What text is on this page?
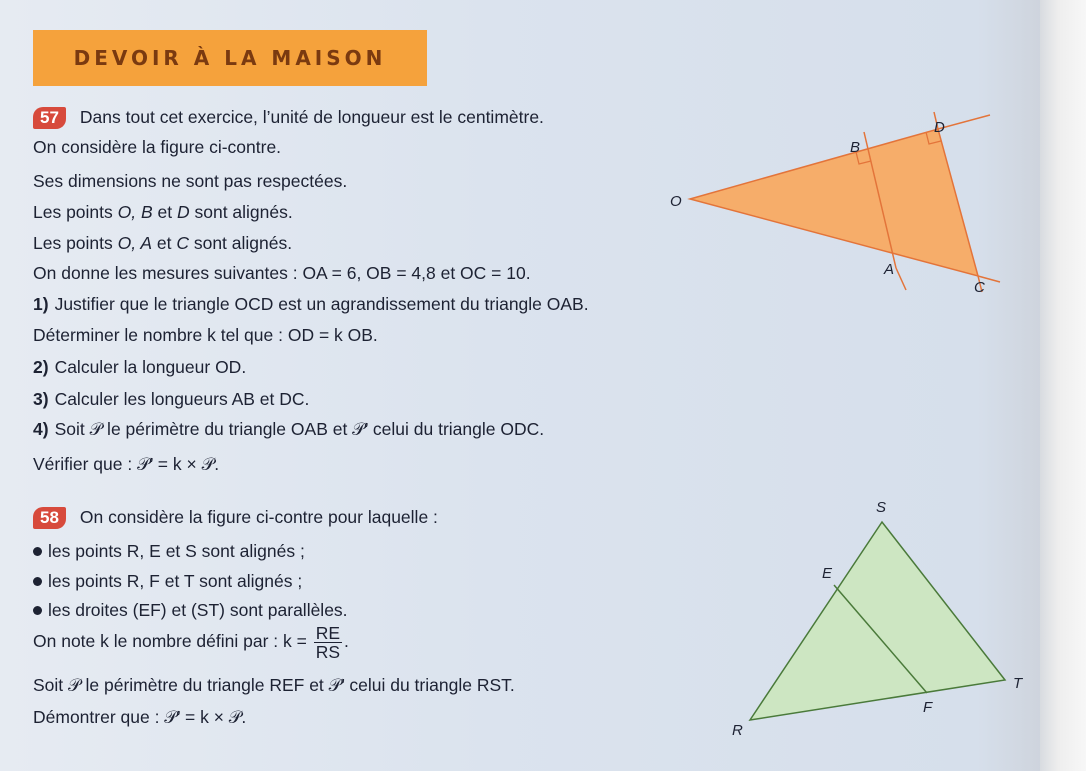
DEVOIR À LA MAISON
57 Dans tout cet exercice, l’unité de longueur est le centimètre.
On considère la figure ci-contre.
Ses dimensions ne sont pas respectées.
Les points O, B et D sont alignés.
Les points O, A et C sont alignés.
On donne les mesures suivantes : OA = 6, OB = 4,8 et OC = 10.
1) Justifier que le triangle OCD est un agrandissement du triangle OAB.
Déterminer le nombre k tel que : OD = k OB.
2) Calculer la longueur OD.
3) Calculer les longueurs AB et DC.
4) Soit 𝒫 le périmètre du triangle OAB et 𝒫’ celui du triangle ODC.
Vérifier que : 𝒫’ = k × 𝒫.
O
B
D
A
C
58 On considère la figure ci-contre pour laquelle :
les points R, E et S sont alignés ;
les points R, F et T sont alignés ;
les droites (EF) et (ST) sont parallèles.
On note k le nombre défini par : $k = \frac{RE}{RS}$ .
Soit 𝒫 le périmètre du triangle REF et 𝒫’ celui du triangle RST.
Démontrer que : 𝒫’ = k × 𝒫.
S
E
T
F
R
